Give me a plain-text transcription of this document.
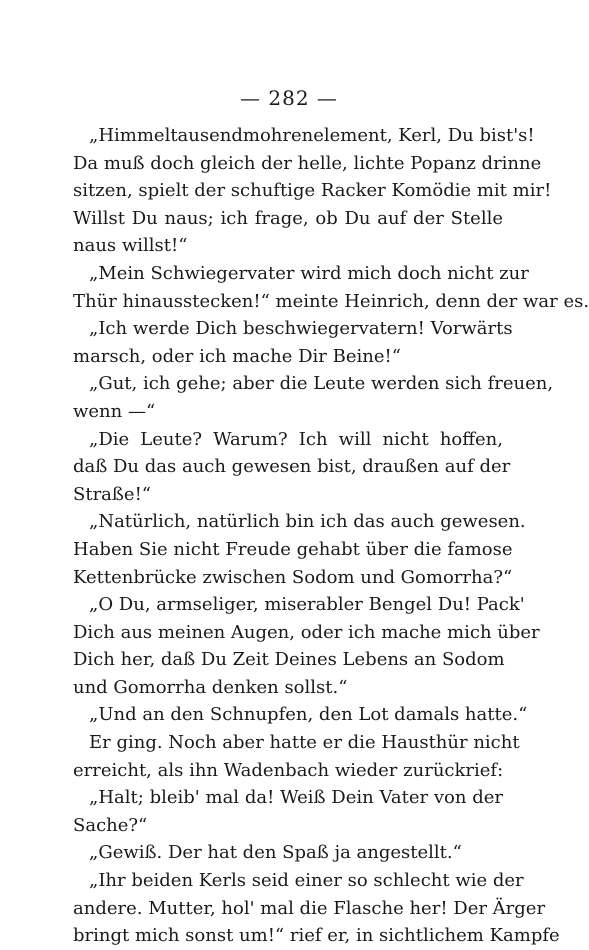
— 282 —
„Himmeltausendmohrenelement, Kerl, Du bist's!
Da muß doch gleich der helle, lichte Popanz drinne
sitzen, spielt der schuftige Racker Komödie mit mir!
Willst Du naus; ich frage, ob Du auf der Stelle
naus willst!“
„Mein Schwiegervater wird mich doch nicht zur
Thür hinausstecken!“ meinte Heinrich, denn der war es.
„Ich werde Dich beschwiegervatern! Vorwärts
marsch, oder ich mache Dir Beine!“
„Gut, ich gehe; aber die Leute werden sich freuen,
wenn —“
„Die Leute? Warum? Ich will nicht hoffen,
daß Du das auch gewesen bist, draußen auf der
Straße!“
„Natürlich, natürlich bin ich das auch gewesen.
Haben Sie nicht Freude gehabt über die famose
Kettenbrücke zwischen Sodom und Gomorrha?“
„O Du, armseliger, miserabler Bengel Du! Pack'
Dich aus meinen Augen, oder ich mache mich über
Dich her, daß Du Zeit Deines Lebens an Sodom
und Gomorrha denken sollst.“
„Und an den Schnupfen, den Lot damals hatte.“
Er ging. Noch aber hatte er die Hausthür nicht
erreicht, als ihn Wadenbach wieder zurückrief:
„Halt; bleib' mal da! Weiß Dein Vater von der
Sache?“
„Gewiß. Der hat den Spaß ja angestellt.“
„Ihr beiden Kerls seid einer so schlecht wie der
andere. Mutter, hol' mal die Flasche her! Der Ärger
bringt mich sonst um!“ rief er, in sichtlichem Kampfe
